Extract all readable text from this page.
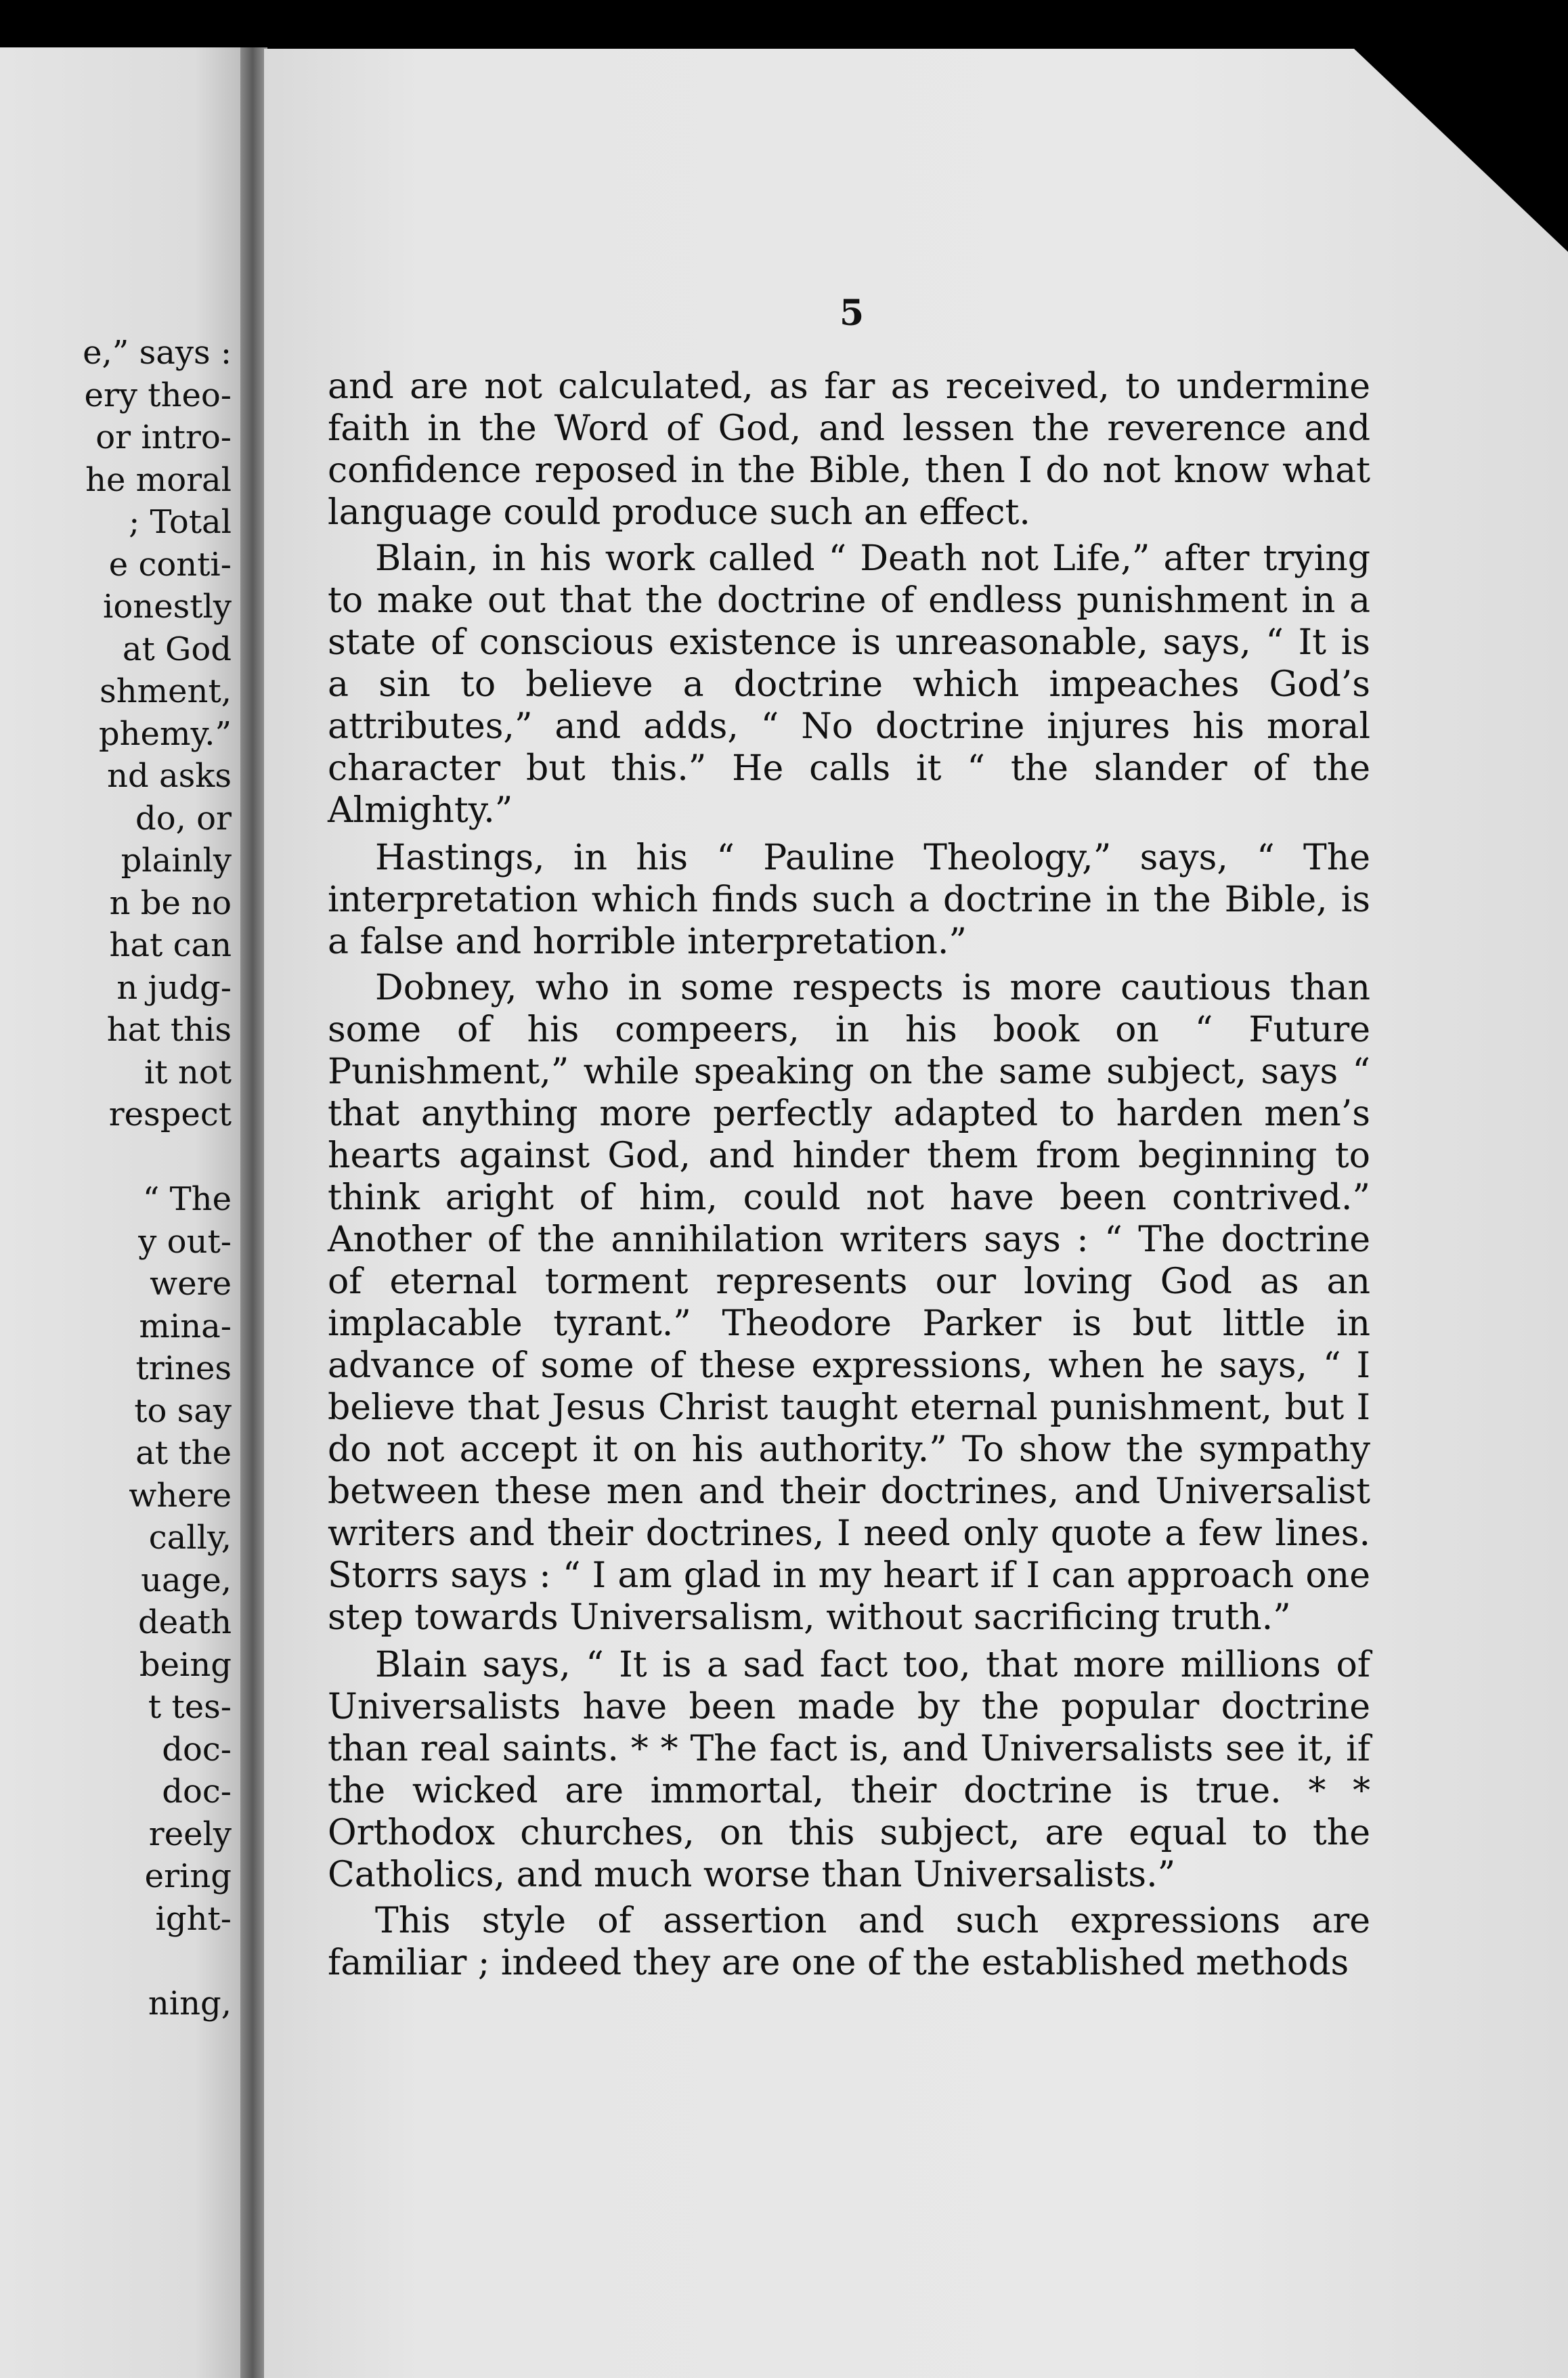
e,” says :
ery theo-
or intro-
he moral
; Total
e conti-
ionestly
at God
shment,
phemy.”
nd asks
do, or
plainly
n be no
hat can
n judg-
hat this
it not
respect
“ The
y out-
were
mina-
trines
to say
at the
where
cally,
uage,
death
being
t tes-
doc-
doc-
reely
ering
ight-
ning,
5

and are not calculated, as far as received, to undermine faith in the Word of God, and lessen the reverence and confidence reposed in the Bible, then I do not know what language could produce such an effect.

Blain, in his work called “ Death not Life,” after trying to make out that the doctrine of endless punishment in a state of conscious existence is unreasonable, says, “ It is a sin to believe a doctrine which impeaches God’s attributes,” and adds, “ No doctrine injures his moral character but this.” He calls it “ the slander of the Almighty.”

Hastings, in his “ Pauline Theology,” says, “ The interpretation which finds such a doctrine in the Bible, is a false and horrible interpretation.”

Dobney, who in some respects is more cautious than some of his compeers, in his book on “ Future Punishment,” while speaking on the same subject, says “ that anything more perfectly adapted to harden men’s hearts against God, and hinder them from beginning to think aright of him, could not have been contrived.” Another of the annihilation writers says : “ The doctrine of eternal torment represents our loving God as an implacable tyrant.” Theodore Parker is but little in advance of some of these expressions, when he says, “ I believe that Jesus Christ taught eternal punishment, but I do not accept it on his authority.” To show the sympathy between these men and their doctrines, and Universalist writers and their doctrines, I need only quote a few lines. Storrs says : “ I am glad in my heart if I can approach one step towards Universalism, without sacrificing truth.”

Blain says, “ It is a sad fact too, that more millions of Universalists have been made by the popular doctrine than real saints. * * The fact is, and Universalists see it, if the wicked are immortal, their doctrine is true. * * Orthodox churches, on this subject, are equal to the Catholics, and much worse than Universalists.”

This style of assertion and such expressions are familiar ; indeed they are one of the established methods
